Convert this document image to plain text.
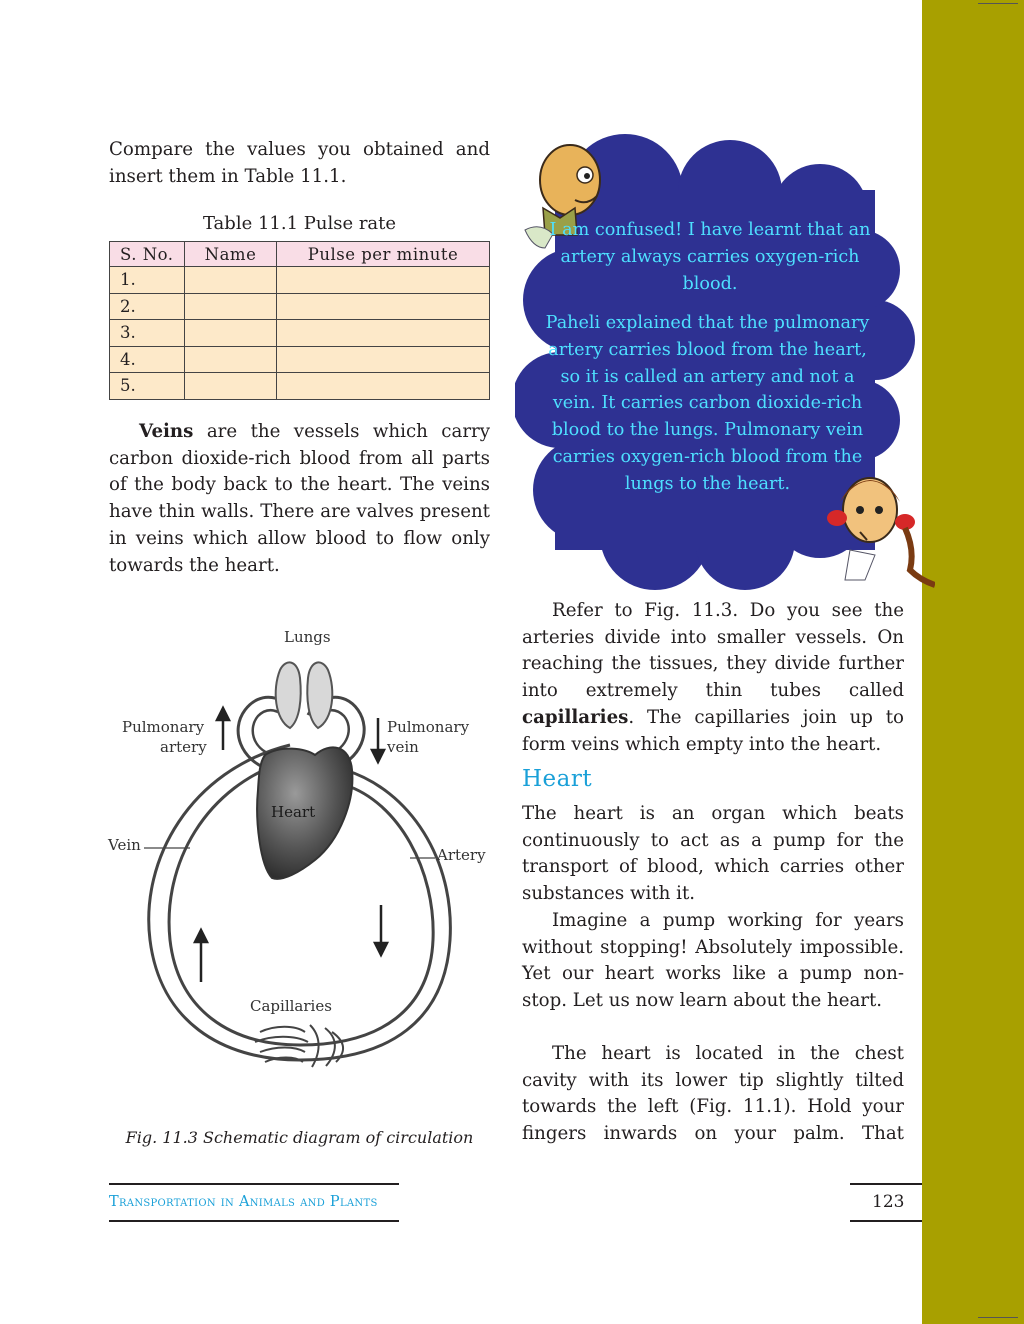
Compare the values you obtained and insert them in Table 11.1.

Table 11.1 Pulse rate
S. No.	Name	Pulse per minute
1.		
2.		
3.		
4.		
5.		

Veins are the vessels which carry carbon dioxide-rich blood from all parts of the body back to the heart. The veins have thin walls. There are valves present in veins which allow blood to flow only towards the heart.

Lungs
Pulmonary
artery
Pulmonary
vein
Heart
Vein
Artery
Capillaries
Fig. 11.3 Schematic diagram of circulation
I am confused! I have learnt that an artery always carries oxygen-rich blood.
Paheli explained that the pulmonary artery carries blood from the heart, so it is called an artery and not a vein. It carries carbon dioxide-rich blood to the lungs. Pulmonary vein carries oxygen-rich blood from the lungs to the heart.

Refer to Fig. 11.3. Do you see the arteries divide into smaller vessels. On reaching the tissues, they divide further into extremely thin tubes called capillaries. The capillaries join up to form veins which empty into the heart.

Heart

The heart is an organ which beats continuously to act as a pump for the transport of blood, which carries other substances with it.

Imagine a pump working for years without stopping! Absolutely impossible. Yet our heart works like a pump non-stop. Let us now learn about the heart.

The heart is located in the chest cavity with its lower tip slightly tilted towards the left (Fig. 11.1). Hold your fingers inwards on your palm. That

Transportation in Animals and Plants	123
